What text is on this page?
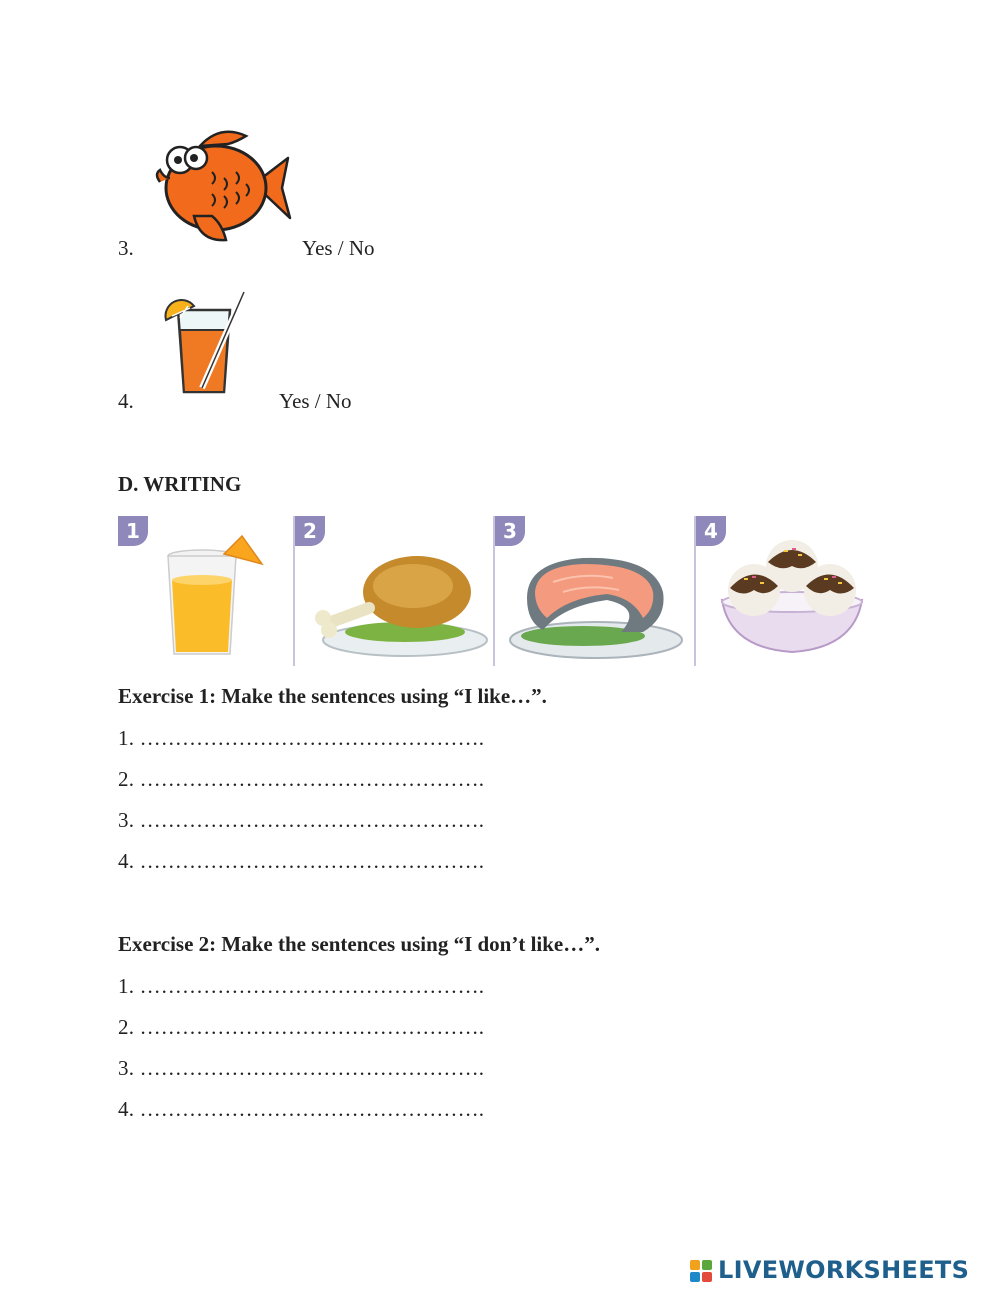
3.	Yes / No
4.	Yes / No
D. WRITING
1	2	3	4
Exercise 1: Make the sentences using “I like…”.
1. ………………………………………….
2. ………………………………………….
3. ………………………………………….
4. ………………………………………….
Exercise 2: Make the sentences using “I don’t like…”.
1. ………………………………………….
2. ………………………………………….
3. ………………………………………….
4. ………………………………………….
LIVEWORKSHEETS
